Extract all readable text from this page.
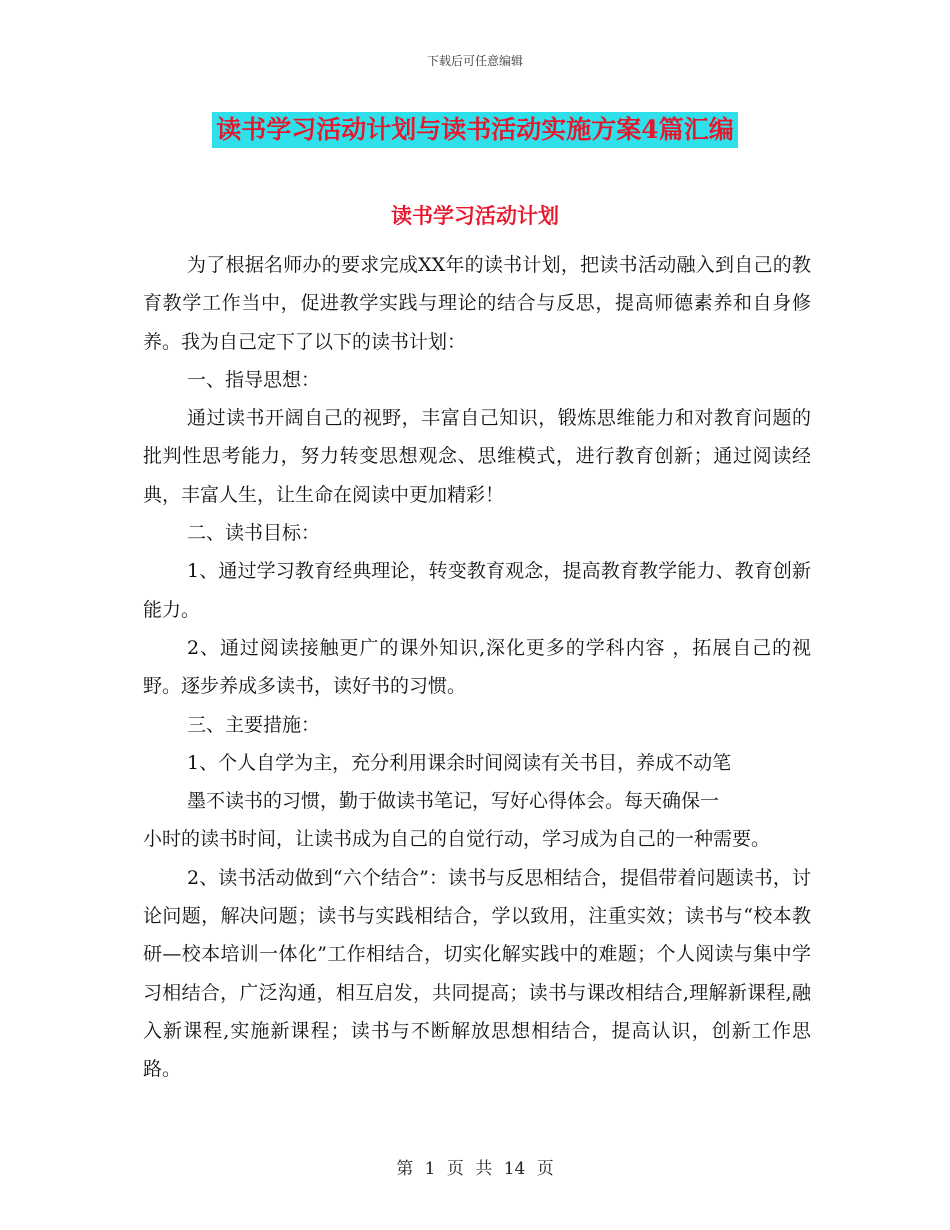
下载后可任意编辑
读书学习活动计划与读书活动实施方案4篇汇编
读书学习活动计划

为了根据名师办的要求完成XX年的读书计划，把读书活动融入到自己的教育教学工作当中，促进教学实践与理论的结合与反思，提高师德素养和自身修养。我为自己定下了以下的读书计划：

一、指导思想：

通过读书开阔自己的视野，丰富自己知识，锻炼思维能力和对教育问题的批判性思考能力，努力转变思想观念、思维模式，进行教育创新；通过阅读经典，丰富人生，让生命在阅读中更加精彩！

二、读书目标：

1、通过学习教育经典理论，转变教育观念，提高教育教学能力、教育创新能力。

2、通过阅读接触更广的课外知识,深化更多的学科内容 ，拓展自己的视野。逐步养成多读书，读好书的习惯。

三、主要措施：

1、个人自学为主，充分利用课余时间阅读有关书目，养成不动笔

墨不读书的习惯，勤于做读书笔记，写好心得体会。每天确保一

小时的读书时间，让读书成为自己的自觉行动，学习成为自己的一种需要。

2、读书活动做到“六个结合”：读书与反思相结合，提倡带着问题读书，讨论问题，解决问题；读书与实践相结合，学以致用，注重实效；读书与“校本教研—校本培训一体化”工作相结合，切实化解实践中的难题；个人阅读与集中学习相结合，广泛沟通，相互启发，共同提高；读书与课改相结合,理解新课程,融入新课程,实施新课程；读书与不断解放思想相结合，提高认识，创新工作思路。

第 1 页 共 14 页
